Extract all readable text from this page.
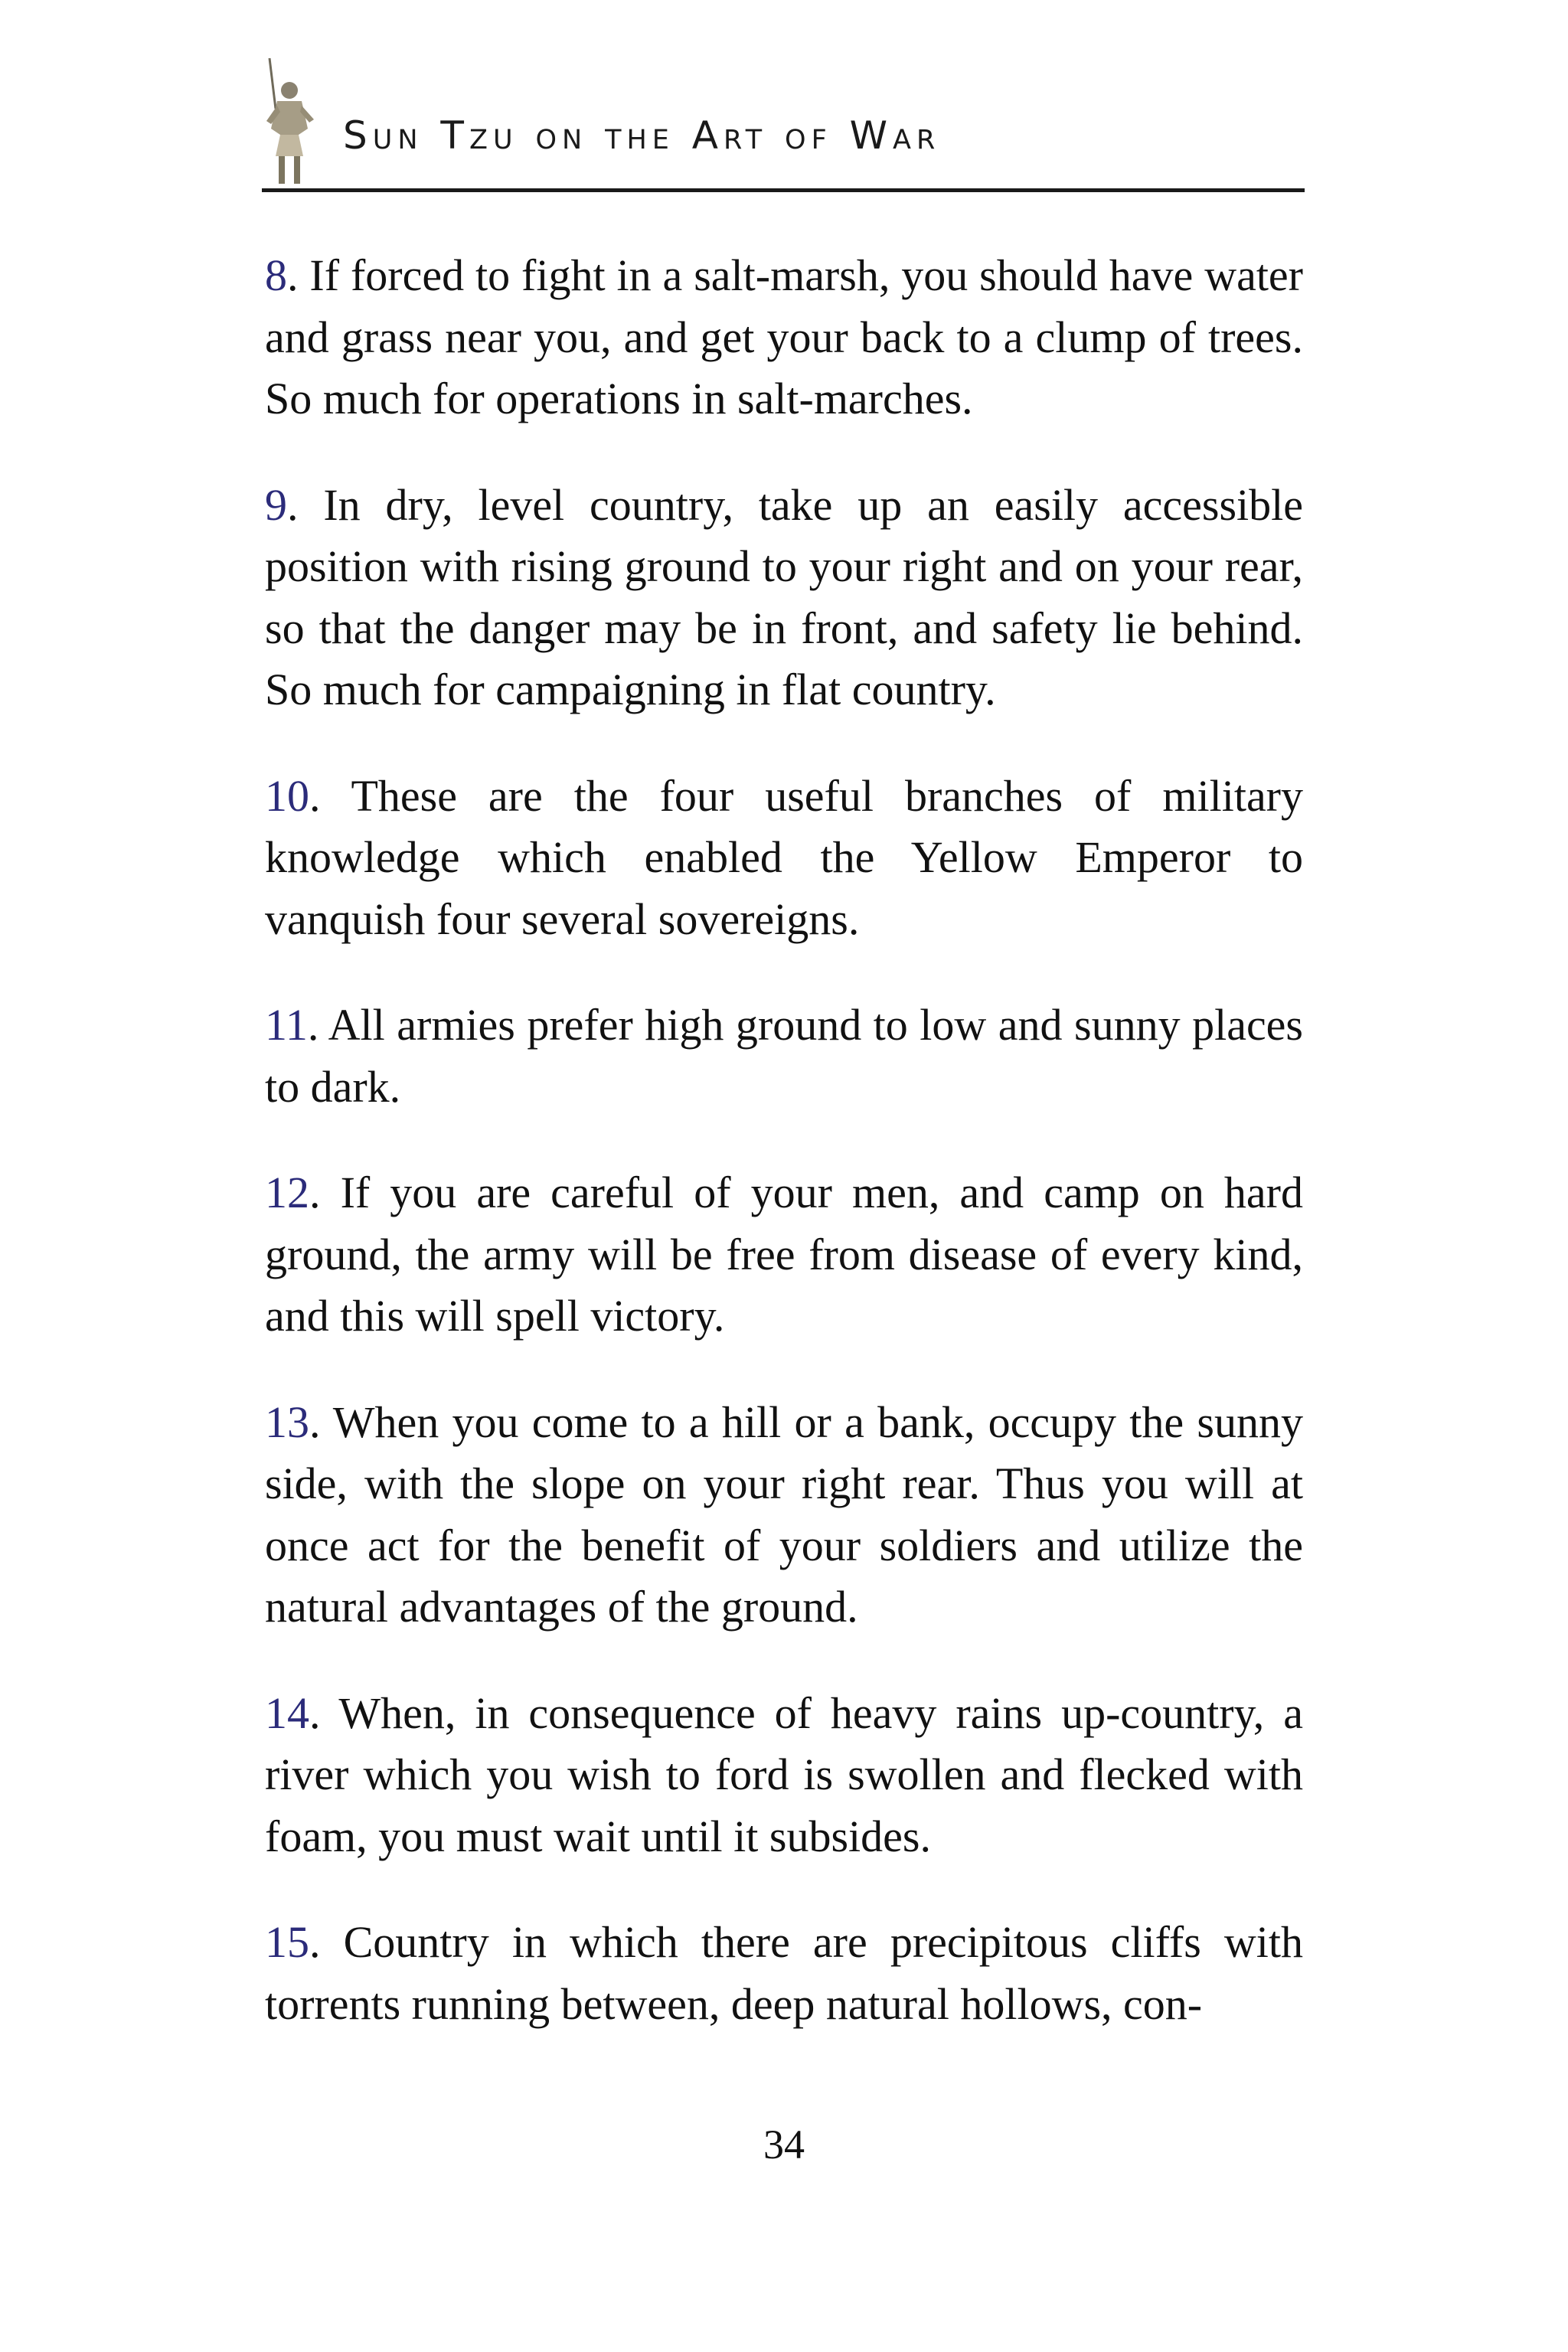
Sun Tzu on the Art of War

8. If forced to fight in a salt-marsh, you should have water and grass near you, and get your back to a clump of trees. So much for operations in salt-marches.

9. In dry, level country, take up an easily accessible position with rising ground to your right and on your rear, so that the danger may be in front, and safety lie behind. So much for campaigning in flat country.

10. These are the four useful branches of military knowledge which enabled the Yellow Emperor to vanquish four several sovereigns.

11. All armies prefer high ground to low and sunny places to dark.

12. If you are careful of your men, and camp on hard ground, the army will be free from disease of every kind, and this will spell victory.

13. When you come to a hill or a bank, occupy the sunny side, with the slope on your right rear. Thus you will at once act for the benefit of your soldiers and utilize the natural advantages of the ground.

14. When, in consequence of heavy rains up-country, a river which you wish to ford is swollen and flecked with foam, you must wait until it subsides.

15. Country in which there are precipitous cliffs with torrents running between, deep natural hollows, con-

34
